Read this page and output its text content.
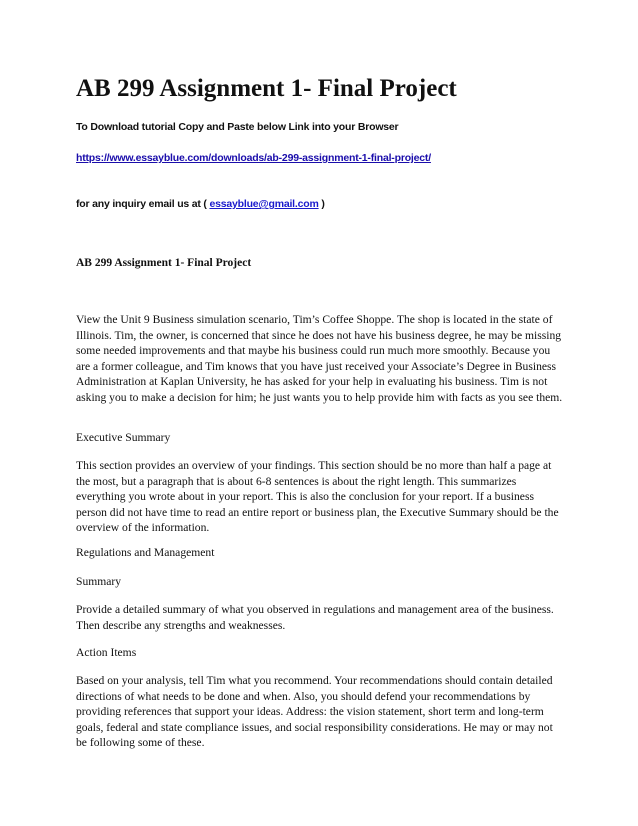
AB 299 Assignment 1- Final Project
To Download tutorial Copy and Paste below Link into your Browser
https://www.essayblue.com/downloads/ab-299-assignment-1-final-project/
for any inquiry email us at ( essayblue@gmail.com )
AB 299 Assignment 1- Final Project

View the Unit 9 Business simulation scenario, Tim’s Coffee Shoppe. The shop is located in the state of Illinois. Tim, the owner, is concerned that since he does not have his business degree, he may be missing some needed improvements and that maybe his business could run much more smoothly. Because you are a former colleague, and Tim knows that you have just received your Associate’s Degree in Business Administration at Kaplan University, he has asked for your help in evaluating his business. Tim is not asking you to make a decision for him; he just wants you to help provide him with facts as you see them.

Executive Summary

This section provides an overview of your findings. This section should be no more than half a page at the most, but a paragraph that is about 6-8 sentences is about the right length. This summarizes everything you wrote about in your report. This is also the conclusion for your report. If a business person did not have time to read an entire report or business plan, the Executive Summary should be the overview of the information.

Regulations and Management
Summary

Provide a detailed summary of what you observed in regulations and management area of the business. Then describe any strengths and weaknesses.

Action Items

Based on your analysis, tell Tim what you recommend. Your recommendations should contain detailed directions of what needs to be done and when. Also, you should defend your recommendations by providing references that support your ideas. Address: the vision statement, short term and long-term goals, federal and state compliance issues, and social responsibility considerations. He may or may not be following some of these.
